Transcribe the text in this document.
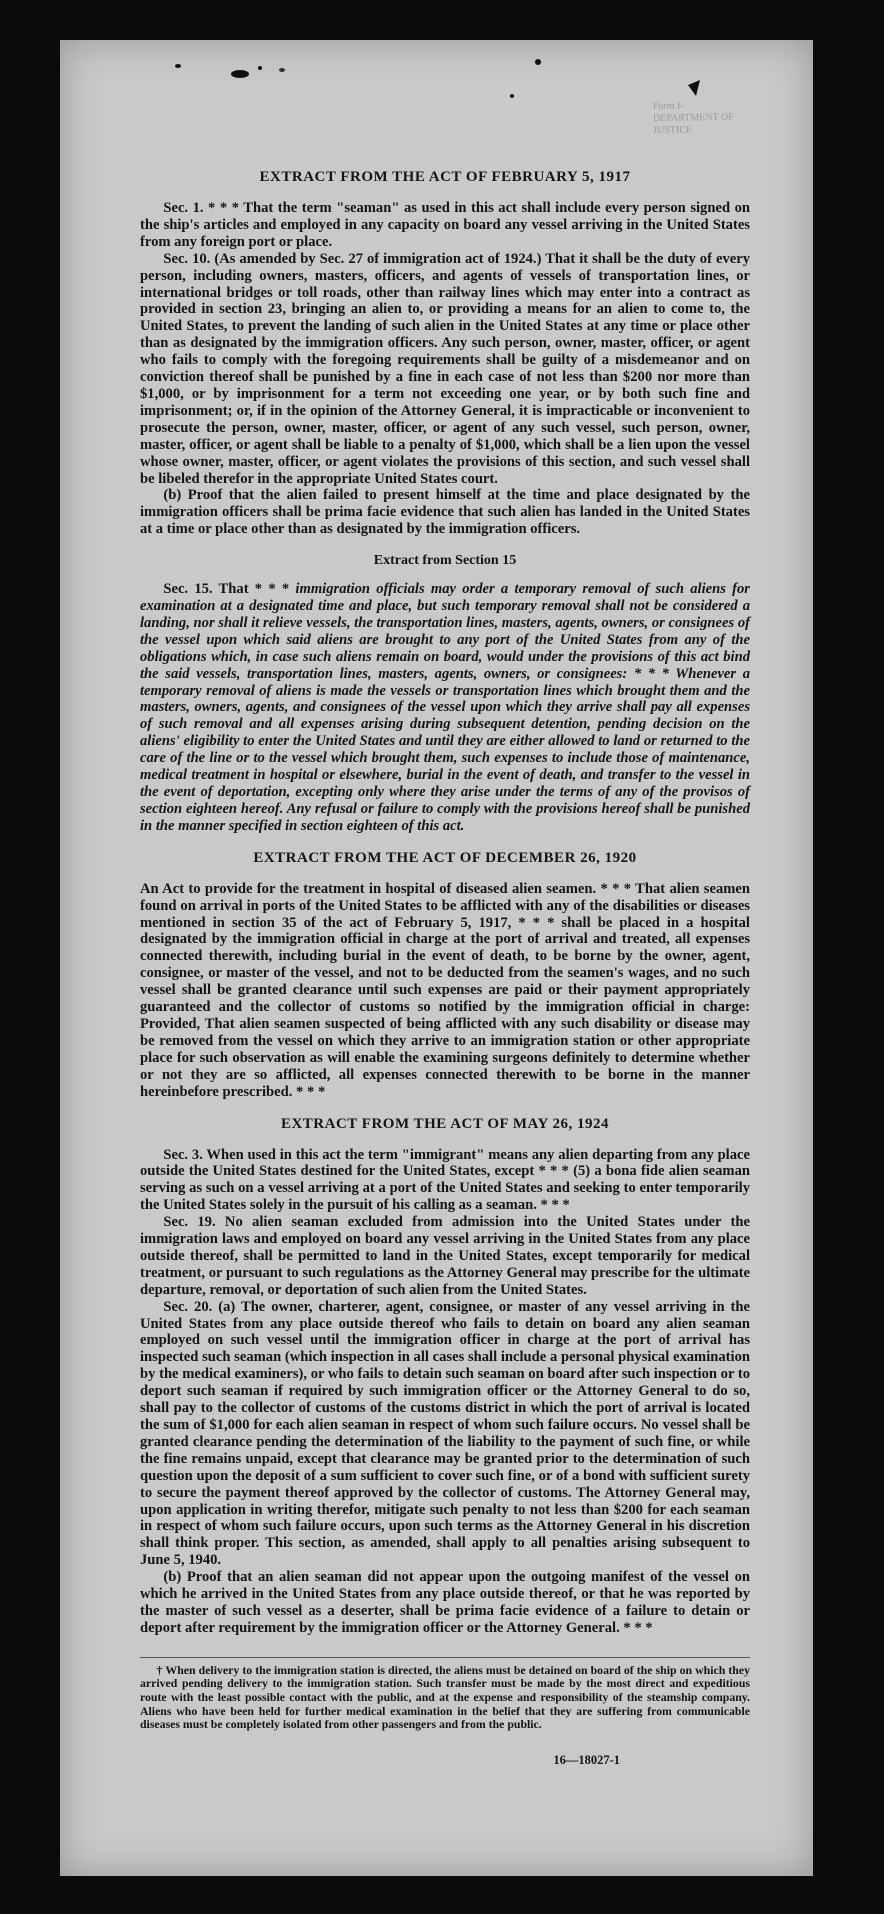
Form I-
DEPARTMENT OF JUSTICE
EXTRACT FROM THE ACT OF FEBRUARY 5, 1917

Sec. 1. * * * That the term "seaman" as used in this act shall include every person signed on the ship's articles and employed in any capacity on board any vessel arriving in the United States from any foreign port or place.

Sec. 10. (As amended by Sec. 27 of immigration act of 1924.) That it shall be the duty of every person, including owners, masters, officers, and agents of vessels of transportation lines, or international bridges or toll roads, other than railway lines which may enter into a contract as provided in section 23, bringing an alien to, or providing a means for an alien to come to, the United States, to prevent the landing of such alien in the United States at any time or place other than as designated by the immigration officers. Any such person, owner, master, officer, or agent who fails to comply with the foregoing requirements shall be guilty of a misdemeanor and on conviction thereof shall be punished by a fine in each case of not less than $200 nor more than $1,000, or by imprisonment for a term not exceeding one year, or by both such fine and imprisonment; or, if in the opinion of the Attorney General, it is impracticable or inconvenient to prosecute the person, owner, master, officer, or agent of any such vessel, such person, owner, master, officer, or agent shall be liable to a penalty of $1,000, which shall be a lien upon the vessel whose owner, master, officer, or agent violates the provisions of this section, and such vessel shall be libeled therefor in the appropriate United States court.

(b) Proof that the alien failed to present himself at the time and place designated by the immigration officers shall be prima facie evidence that such alien has landed in the United States at a time or place other than as designated by the immigration officers.

Extract from Section 15

Sec. 15. That * * * immigration officials may order a temporary removal of such aliens for examination at a designated time and place, but such temporary removal shall not be considered a landing, nor shall it relieve vessels, the transportation lines, masters, agents, owners, or consignees of the vessel upon which said aliens are brought to any port of the United States from any of the obligations which, in case such aliens remain on board, would under the provisions of this act bind the said vessels, transportation lines, masters, agents, owners, or consignees: * * * Whenever a temporary removal of aliens is made the vessels or transportation lines which brought them and the masters, owners, agents, and consignees of the vessel upon which they arrive shall pay all expenses of such removal and all expenses arising during subsequent detention, pending decision on the aliens' eligibility to enter the United States and until they are either allowed to land or returned to the care of the line or to the vessel which brought them, such expenses to include those of maintenance, medical treatment in hospital or elsewhere, burial in the event of death, and transfer to the vessel in the event of deportation, excepting only where they arise under the terms of any of the provisos of section eighteen hereof. Any refusal or failure to comply with the provisions hereof shall be punished in the manner specified in section eighteen of this act.

EXTRACT FROM THE ACT OF DECEMBER 26, 1920

An Act to provide for the treatment in hospital of diseased alien seamen. * * * That alien seamen found on arrival in ports of the United States to be afflicted with any of the disabilities or diseases mentioned in section 35 of the act of February 5, 1917, * * * shall be placed in a hospital designated by the immigration official in charge at the port of arrival and treated, all expenses connected therewith, including burial in the event of death, to be borne by the owner, agent, consignee, or master of the vessel, and not to be deducted from the seamen's wages, and no such vessel shall be granted clearance until such expenses are paid or their payment appropriately guaranteed and the collector of customs so notified by the immigration official in charge: Provided, That alien seamen suspected of being afflicted with any such disability or disease may be removed from the vessel on which they arrive to an immigration station or other appropriate place for such observation as will enable the examining surgeons definitely to determine whether or not they are so afflicted, all expenses connected therewith to be borne in the manner hereinbefore prescribed. * * *

EXTRACT FROM THE ACT OF MAY 26, 1924

Sec. 3. When used in this act the term "immigrant" means any alien departing from any place outside the United States destined for the United States, except * * * (5) a bona fide alien seaman serving as such on a vessel arriving at a port of the United States and seeking to enter temporarily the United States solely in the pursuit of his calling as a seaman. * * *

Sec. 19. No alien seaman excluded from admission into the United States under the immigration laws and employed on board any vessel arriving in the United States from any place outside thereof, shall be permitted to land in the United States, except temporarily for medical treatment, or pursuant to such regulations as the Attorney General may prescribe for the ultimate departure, removal, or deportation of such alien from the United States.

Sec. 20. (a) The owner, charterer, agent, consignee, or master of any vessel arriving in the United States from any place outside thereof who fails to detain on board any alien seaman employed on such vessel until the immigration officer in charge at the port of arrival has inspected such seaman (which inspection in all cases shall include a personal physical examination by the medical examiners), or who fails to detain such seaman on board after such inspection or to deport such seaman if required by such immigration officer or the Attorney General to do so, shall pay to the collector of customs of the customs district in which the port of arrival is located the sum of $1,000 for each alien seaman in respect of whom such failure occurs. No vessel shall be granted clearance pending the determination of the liability to the payment of such fine, or while the fine remains unpaid, except that clearance may be granted prior to the determination of such question upon the deposit of a sum sufficient to cover such fine, or of a bond with sufficient surety to secure the payment thereof approved by the collector of customs. The Attorney General may, upon application in writing therefor, mitigate such penalty to not less than $200 for each seaman in respect of whom such failure occurs, upon such terms as the Attorney General in his discretion shall think proper. This section, as amended, shall apply to all penalties arising subsequent to June 5, 1940.

(b) Proof that an alien seaman did not appear upon the outgoing manifest of the vessel on which he arrived in the United States from any place outside thereof, or that he was reported by the master of such vessel as a deserter, shall be prima facie evidence of a failure to detain or deport after requirement by the immigration officer or the Attorney General. * * *

† When delivery to the immigration station is directed, the aliens must be detained on board of the ship on which they arrived pending delivery to the immigration station. Such transfer must be made by the most direct and expeditious route with the least possible contact with the public, and at the expense and responsibility of the steamship company. Aliens who have been held for further medical examination in the belief that they are suffering from communicable diseases must be completely isolated from other passengers and from the public.
16—18027-1
